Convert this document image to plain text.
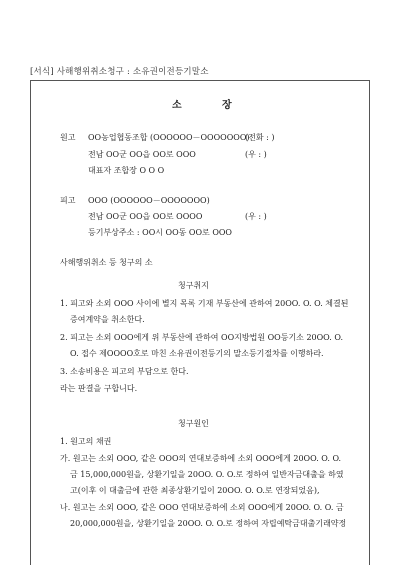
[서식] 사해행위취소청구 : 소유권이전등기말소
소	장
원고 OO농업협동조합 (OOOOOO－OOOOOOO)
(전화 : )
전남 OO군 OO읍 OO로 OOO	(우 : )
대표자 조합장 O O O
피고 OOO (OOOOOO－OOOOOOO)
전남 OO군 OO읍 OO로 OOOO	(우 : )
등기부상주소 : OO시 OO동 OO로 OOO
사해행위취소 등 청구의 소
청구취지
1. 피고와 소외 OOO 사이에 별지 목록 기재 부동산에 관하여 20OO. O. O. 체결된
증여계약을 취소한다.
2. 피고는 소외 OOO에게 위 부동산에 관하여 OO지방법원 OO등기소 20OO. O.
O. 접수 제OOOO호로 마친 소유권이전등기의 말소등기절차를 이행하라.
3. 소송비용은 피고의 부담으로 한다.
라는 판결을 구합니다.
청구원인
1. 원고의 채권
가. 원고는 소외 OOO, 같은 OOO의 연대보증하에 소외 OOO에게 20OO. O. O.
금 15,000,000원을, 상환기일을 20OO. O. O.로 정하여 일반자금대출을 하였
고(이후 이 대출금에 관한 최종상환기일이 20OO. O. O.로 연장되었음),
나. 원고는 소외 OOO, 같은 OOO 연대보증하에 소외 OOO에게 20OO. O. O. 금
20,000,000원을, 상환기일을 20OO. O. O.로 정하여 자립예탁금대출기래약정
